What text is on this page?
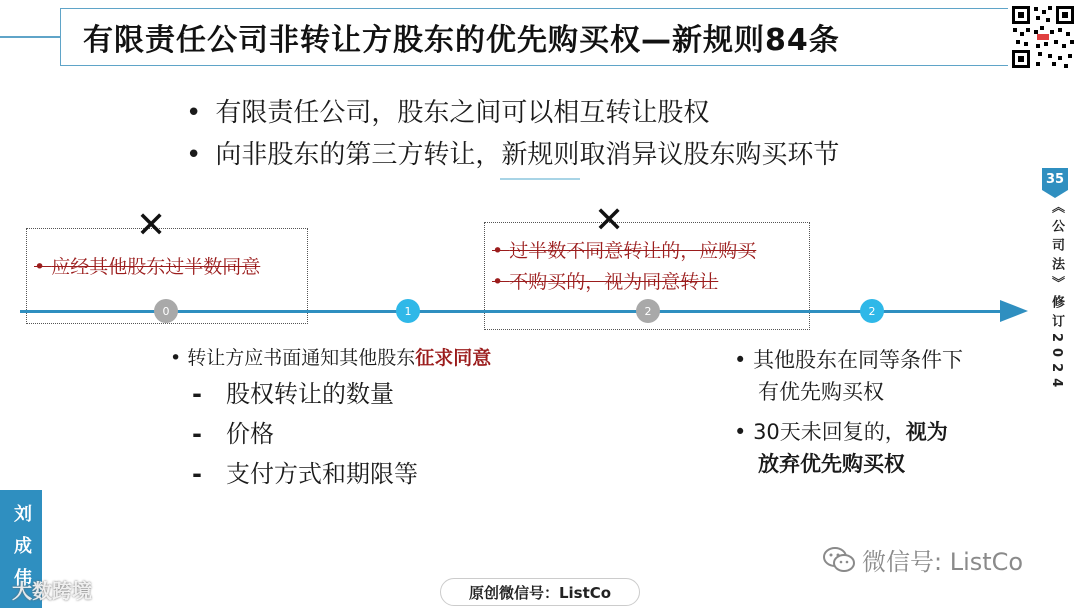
有限责任公司非转让方股东的优先购买权—新规则84条
• 有限责任公司，股东之间可以相互转让股权
• 向非股东的第三方转让，新规则取消异议股东购买环节
35
《公司法》修订2024
✕
• 应经其他股东过半数同意
✕
• 过半数不同意转让的，应购买
• 不购买的，视为同意转让
0	1	2	2
• 转让方应书面通知其他股东征求同意
- 股权转让的数量
- 价格
- 支付方式和期限等
• 其他股东在同等条件下
有优先购买权
• 30天未回复的，视为
放弃优先购买权
刘成伟
大数跨境	原创微信号：ListCo
微信号: ListCo
